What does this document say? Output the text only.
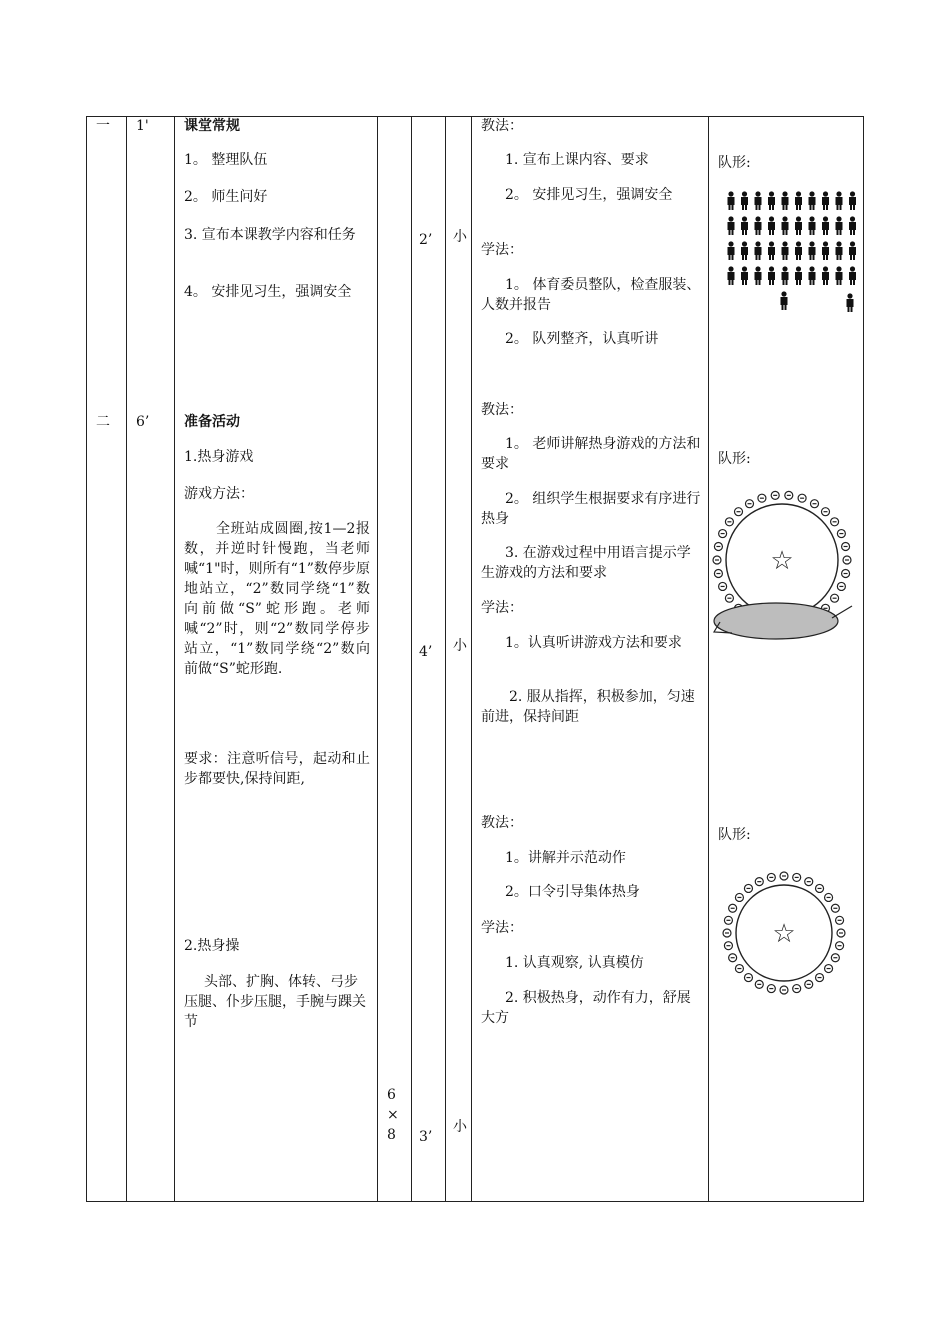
一
二
1'
6’
课堂常规
1。 整理队伍
2。 师生问好
3. 宣布本课教学内容和任务
4。 安排见习生，强调安全
准备活动
1.热身游戏
游戏方法：
全班站成圆圈,按1—2报数，并逆时针慢跑，当老师喊“1"时，则所有“1”数停步原地站立，“2”数同学绕“1”数向前做“S”蛇形跑。老师喊“2”时，则“2”数同学停步站立，“1”数同学绕“2”数向前做“S”蛇形跑.
要求：注意听信号，起动和止步都要快,保持间距,
2.热身操
头部、扩胸、体转、弓步压腿、仆步压腿，手腕与踝关节
6
×
8
2’
4’
3’
小
小
小
教法：
1. 宣布上课内容、要求
2。 安排见习生，强调安全
学法：
1。 体育委员整队，检查服装、人数并报告
2。 队列整齐，认真听讲
教法：
1。 老师讲解热身游戏的方法和要求
2。 组织学生根据要求有序进行热身
3. 在游戏过程中用语言提示学生游戏的方法和要求
学法：
1。认真听讲游戏方法和要求
2. 服从指挥，积极参加，匀速前进，保持间距
教法：
1。讲解并示范动作
2。口令引导集体热身
学法：
1. 认真观察, 认真模仿
2. 积极热身，动作有力，舒展大方
队形:
队形:
☆
队形:
☆
